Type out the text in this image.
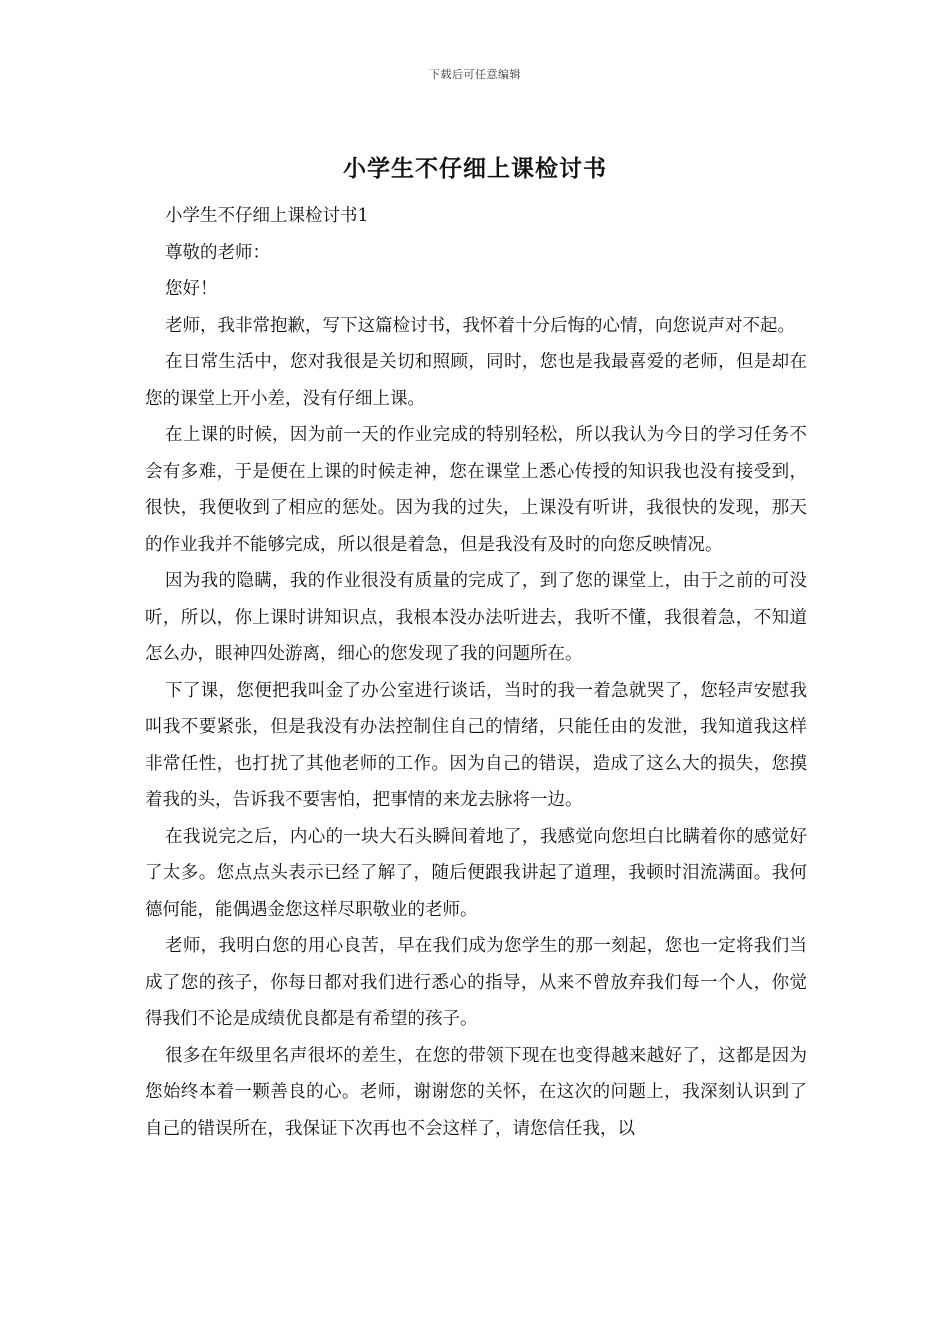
下载后可任意编辑
小学生不仔细上课检讨书

小学生不仔细上课检讨书1

尊敬的老师：

您好！

老师，我非常抱歉，写下这篇检讨书，我怀着十分后悔的心情，向您说声对不起。

在日常生活中，您对我很是关切和照顾，同时，您也是我最喜爱的老师，但是却在您的课堂上开小差，没有仔细上课。

在上课的时候，因为前一天的作业完成的特别轻松，所以我认为今日的学习任务不会有多难，于是便在上课的时候走神，您在课堂上悉心传授的知识我也没有接受到，很快，我便收到了相应的惩处。因为我的过失，上课没有听讲，我很快的发现，那天的作业我并不能够完成，所以很是着急，但是我没有及时的向您反映情况。

因为我的隐瞒，我的作业很没有质量的完成了，到了您的课堂上，由于之前的可没听，所以，你上课时讲知识点，我根本没办法听进去，我听不懂，我很着急，不知道怎么办，眼神四处游离，细心的您发现了我的问题所在。

下了课，您便把我叫金了办公室进行谈话，当时的我一着急就哭了，您轻声安慰我叫我不要紧张，但是我没有办法控制住自己的情绪，只能任由的发泄，我知道我这样非常任性，也打扰了其他老师的工作。因为自己的错误，造成了这么大的损失，您摸着我的头，告诉我不要害怕，把事情的来龙去脉将一边。

在我说完之后，内心的一块大石头瞬间着地了，我感觉向您坦白比瞒着你的感觉好了太多。您点点头表示已经了解了，随后便跟我讲起了道理，我顿时泪流满面。我何德何能，能偶遇金您这样尽职敬业的老师。

老师，我明白您的用心良苦，早在我们成为您学生的那一刻起，您也一定将我们当成了您的孩子，你每日都对我们进行悉心的指导，从来不曾放弃我们每一个人，你觉得我们不论是成绩优良都是有希望的孩子。

很多在年级里名声很坏的差生，在您的带领下现在也变得越来越好了，这都是因为您始终本着一颗善良的心。老师，谢谢您的关怀，在这次的问题上，我深刻认识到了自己的错误所在，我保证下次再也不会这样了，请您信任我，以
